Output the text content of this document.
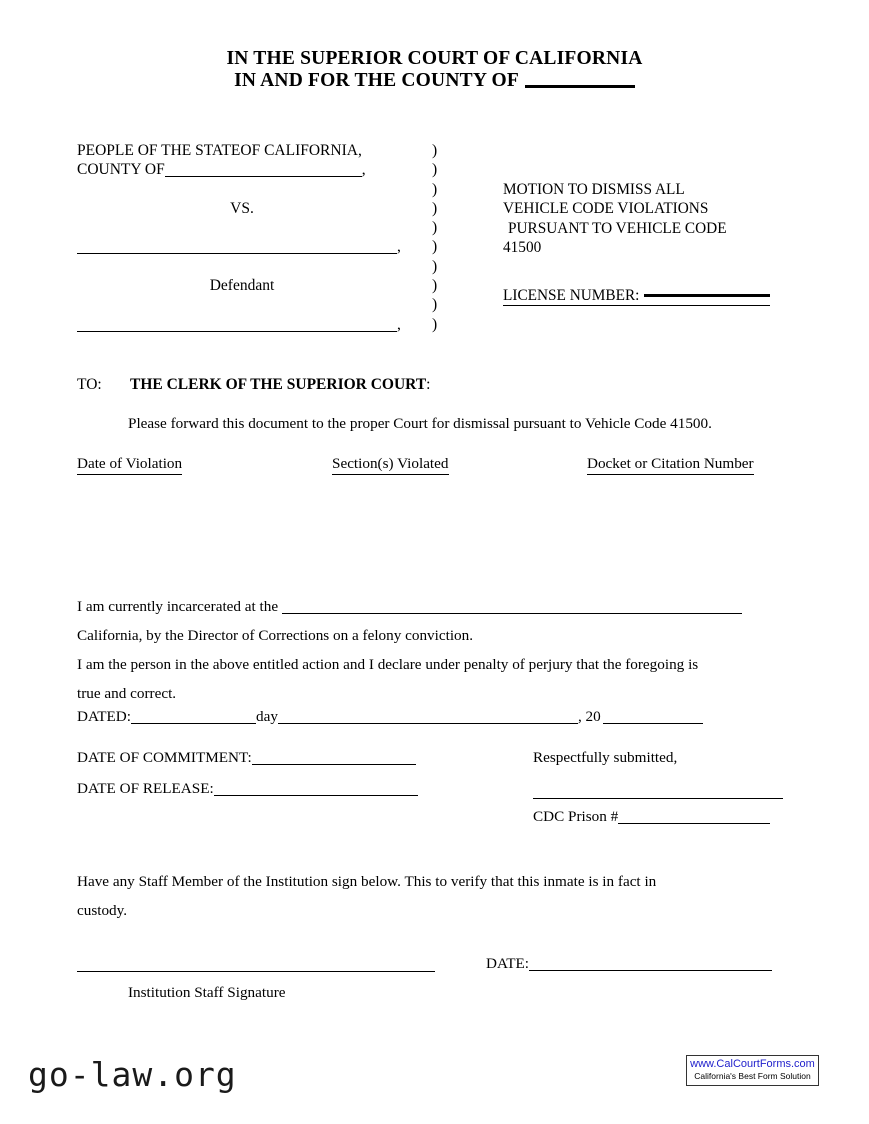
IN THE SUPERIOR COURT OF CALIFORNIA
IN AND FOR THE COUNTY OF
PEOPLE OF THE STATEOF CALIFORNIA,
COUNTY OF	,

VS.

,

Defendant

,
)
)
)
)
)
)
)
)
)
)
MOTION TO DISMISS ALL
VEHICLE CODE VIOLATIONS
PURSUANT TO VEHICLE CODE
41500
LICENSE NUMBER:
TO: THE CLERK OF THE SUPERIOR COURT:
Please forward this document to the proper Court for dismissal pursuant to Vehicle Code 41500.
Date of Violation	Section(s) Violated	Docket or Citation Number
I am currently incarcerated at the
California, by the Director of Corrections on a felony conviction.
I am the person in the above entitled action and I declare under penalty of perjury that the foregoing is
true and correct.
DATED:	day	, 20
DATE OF COMMITMENT:
DATE OF RELEASE:
Respectfully submitted,
CDC Prison #
Have any Staff Member of the Institution sign below. This to verify that this inmate is in fact in
custody.
Institution Staff Signature
DATE:
go-law.org	www.CalCourtForms.com
California's Best Form Solution
